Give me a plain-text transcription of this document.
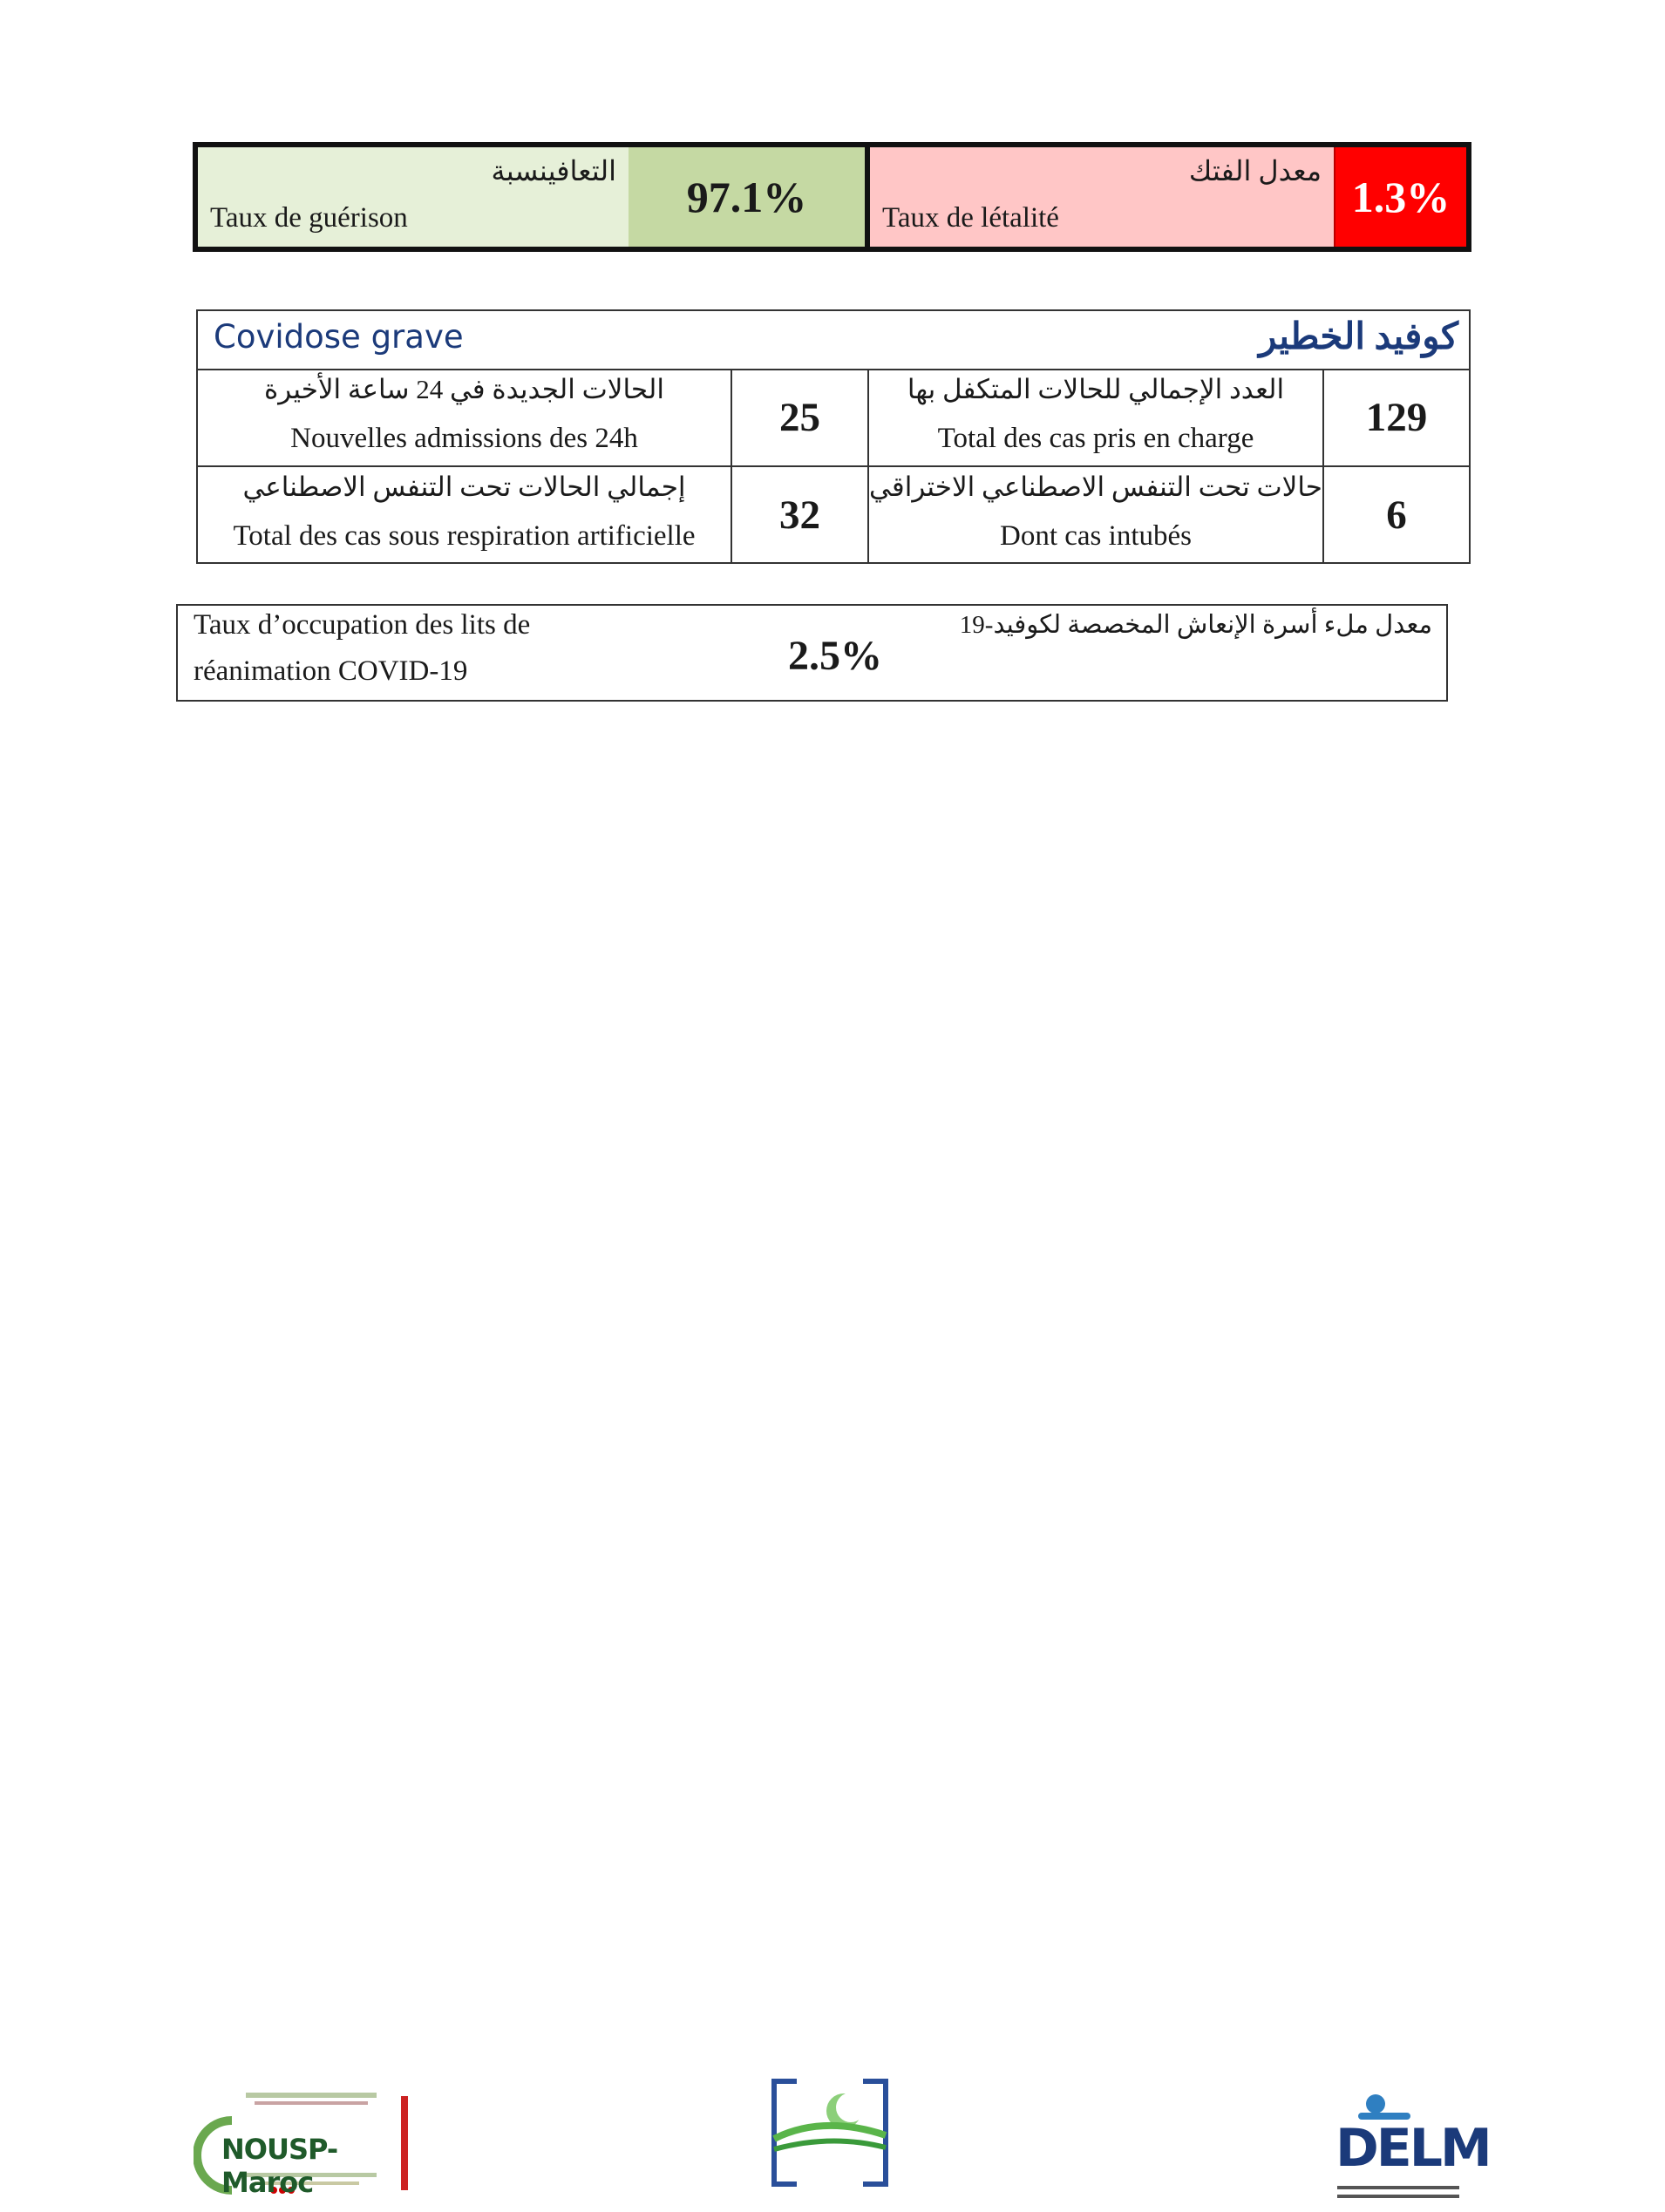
التعافينسبة
Taux de guérison	97.1%
معدل الفتك
Taux de létalité	1.3%
Covidose grave	كوفيد الخطير
الحالات الجديدة في 24 ساعة الأخيرة
Nouvelles admissions des 24h	25
العدد الإجمالي للحالات المتكفل بها
Total des cas pris en charge	129
إجمالي الحالات تحت التنفس الاصطناعي
Total des cas sous respiration artificielle	32
حالات تحت التنفس الاصطناعي الاختراقي
Dont cas intubés	6
Taux d’occupation des lits de
réanimation COVID-19	2.5%
معدل ملء أسرة الإنعاش المخصصة لكوفيد-19
NOUSP-Maroc
DELM
